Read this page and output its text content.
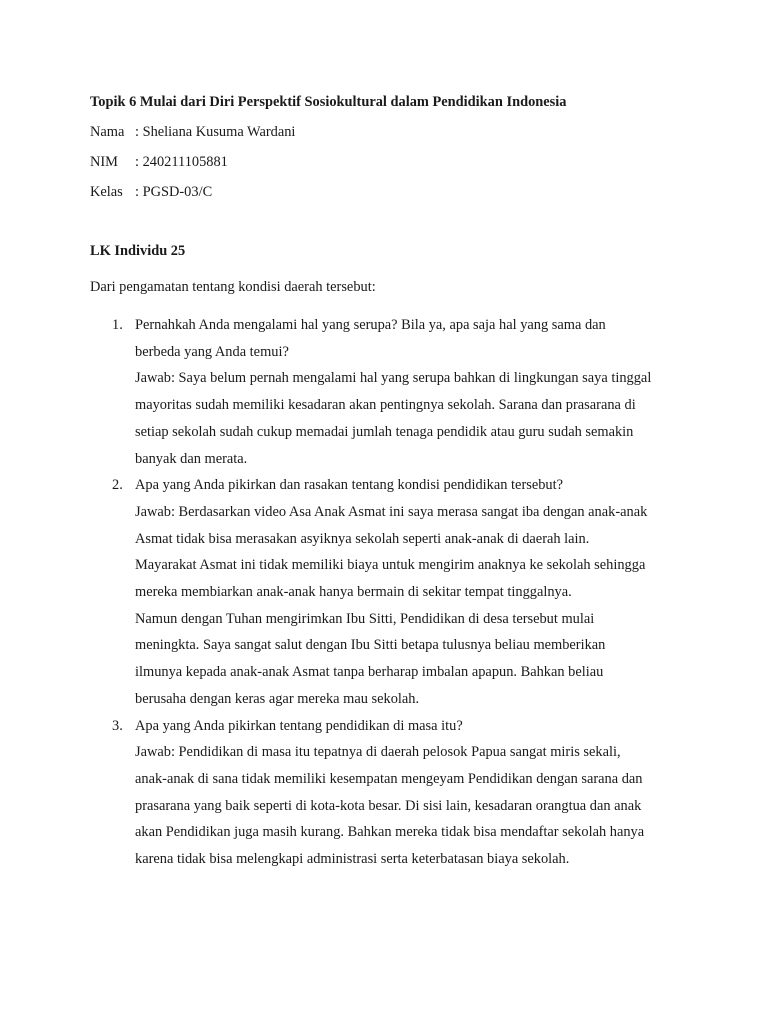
Topik 6 Mulai dari Diri Perspektif Sosiokultural dalam Pendidikan Indonesia
Nama : Sheliana Kusuma Wardani
NIM : 240211105881
Kelas : PGSD-03/C
LK Individu 25
Dari pengamatan tentang kondisi daerah tersebut:
1. Pernahkah Anda mengalami hal yang serupa? Bila ya, apa saja hal yang sama dan

berbeda yang Anda temui?

Jawab: Saya belum pernah mengalami hal yang serupa bahkan di lingkungan saya tinggal

mayoritas sudah memiliki kesadaran akan pentingnya sekolah. Sarana dan prasarana di

setiap sekolah sudah cukup memadai jumlah tenaga pendidik atau guru sudah semakin

banyak dan merata.

2. Apa yang Anda pikirkan dan rasakan tentang kondisi pendidikan tersebut?

Jawab: Berdasarkan video Asa Anak Asmat ini saya merasa sangat iba dengan anak-anak

Asmat tidak bisa merasakan asyiknya sekolah seperti anak-anak di daerah lain.

Mayarakat Asmat ini tidak memiliki biaya untuk mengirim anaknya ke sekolah sehingga

mereka membiarkan anak-anak hanya bermain di sekitar tempat tinggalnya.

Namun dengan Tuhan mengirimkan Ibu Sitti, Pendidikan di desa tersebut mulai

meningkta. Saya sangat salut dengan Ibu Sitti betapa tulusnya beliau memberikan

ilmunya kepada anak-anak Asmat tanpa berharap imbalan apapun. Bahkan beliau

berusaha dengan keras agar mereka mau sekolah.

3. Apa yang Anda pikirkan tentang pendidikan di masa itu?

Jawab: Pendidikan di masa itu tepatnya di daerah pelosok Papua sangat miris sekali,

anak-anak di sana tidak memiliki kesempatan mengeyam Pendidikan dengan sarana dan

prasarana yang baik seperti di kota-kota besar. Di sisi lain, kesadaran orangtua dan anak

akan Pendidikan juga masih kurang. Bahkan mereka tidak bisa mendaftar sekolah hanya

karena tidak bisa melengkapi administrasi serta keterbatasan biaya sekolah.
